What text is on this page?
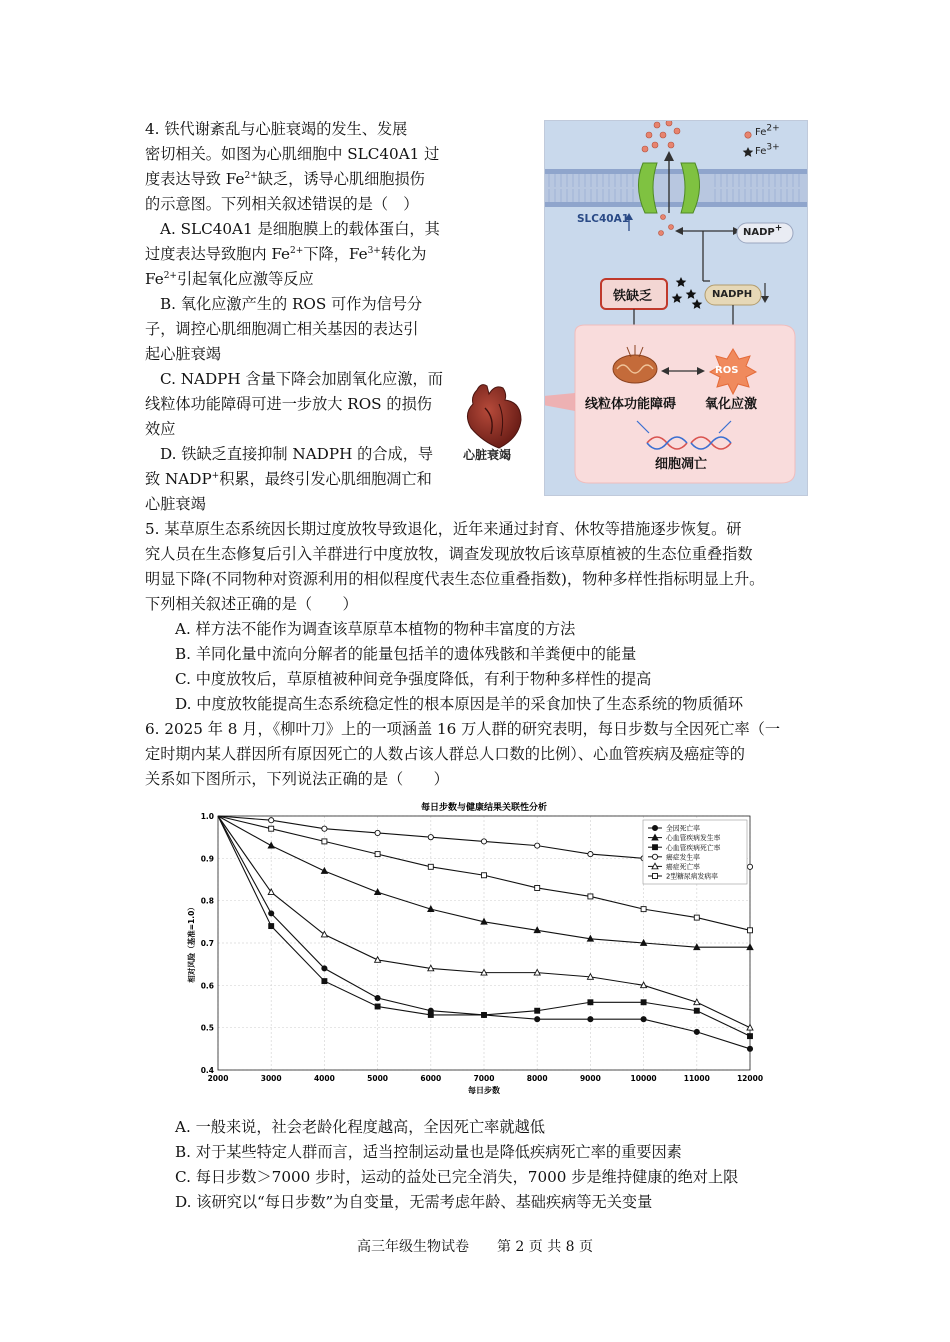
4. 铁代谢紊乱与心脏衰竭的发生、发展
密切相关。如图为心肌细胞中 SLC40A1 过
度表达导致 $Fe^{2+}$缺乏，诱导心肌细胞损伤
的示意图。下列相关叙述错误的是（　）
A. SLC40A1 是细胞膜上的载体蛋白，其
过度表达导致胞内 $Fe^{2+}$下降，$Fe^{3+}$转化为
$Fe^{2+}$引起氧化应激等反应
B. 氧化应激产生的 ROS 可作为信号分
子，调控心肌细胞凋亡相关基因的表达引
起心脏衰竭
C. NADPH 含量下降会加剧氧化应激，而
线粒体功能障碍可进一步放大 ROS 的损伤
效应
D. 铁缺乏直接抑制 NADPH 的合成，导
致 NADP+积累，最终引发心肌细胞凋亡和
心脏衰竭
心脏衰竭
$Fe^{2+}$
$Fe^{3+}$
SLC40A1
NADP+
NADPH
铁缺乏
ROS
线粒体功能障碍 氧化应激
细胞凋亡
5. 某草原生态系统因长期过度放牧导致退化，近年来通过封育、休牧等措施逐步恢复。研
究人员在生态修复后引入羊群进行中度放牧，调查发现放牧后该草原植被的生态位重叠指数
明显下降(不同物种对资源利用的相似程度代表生态位重叠指数)，物种多样性指标明显上升。
下列相关叙述正确的是（　　）
A. 样方法不能作为调查该草原草本植物的物种丰富度的方法
B. 羊同化量中流向分解者的能量包括羊的遗体残骸和羊粪便中的能量
C. 中度放牧后，草原植被种间竞争强度降低，有利于物种多样性的提高
D. 中度放牧能提高生态系统稳定性的根本原因是羊的采食加快了生态系统的物质循环
6. 2025 年 8 月，《柳叶刀》上的一项涵盖 16 万人群的研究表明，每日步数与全因死亡率（一
定时期内某人群因所有原因死亡的人数占该人群总人口数的比例）、心血管疾病及癌症等的
关系如下图所示，下列说法正确的是（　　）
2000	3000	4000	5000	6000	7000	8000	9000	10000	11000	12000
0.4
0.5
0.6
0.7
0.8
0.9
1.0
每日步数与健康结果关联性分析
每日步数
相对风险（基准=1.0）
全因死亡率
心血管疾病发生率
心血管疾病死亡率
癌症发生率
癌症死亡率
2型糖尿病发病率
A. 一般来说，社会老龄化程度越高，全因死亡率就越低
B. 对于某些特定人群而言，适当控制运动量也是降低疾病死亡率的重要因素
C. 每日步数＞7000 步时，运动的益处已完全消失，7000 步是维持健康的绝对上限
D. 该研究以“每日步数”为自变量，无需考虑年龄、基础疾病等无关变量
高三年级生物试卷　　第 2 页 共 8 页
